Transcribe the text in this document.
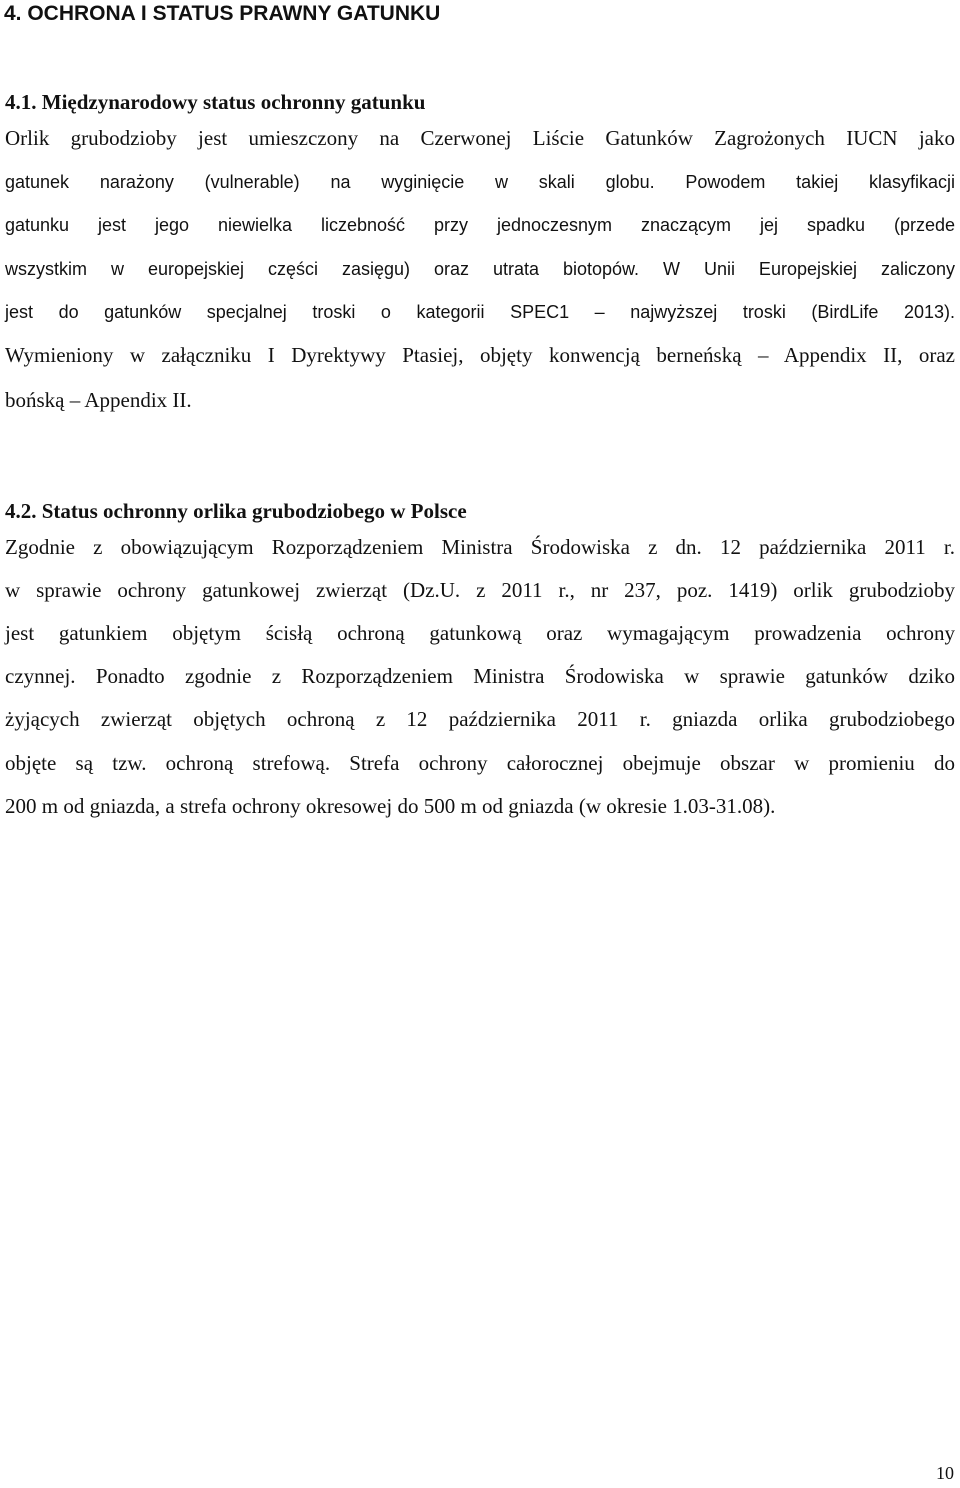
4. OCHRONA I STATUS PRAWNY GATUNKU

4.1. Międzynarodowy status ochronny gatunku

Orlik grubodzioby jest umieszczony na Czerwonej Liście Gatunków Zagrożonych IUCN jako

gatunek narażony (vulnerable) na wyginięcie w skali globu. Powodem takiej klasyfikacji

gatunku jest jego niewielka liczebność przy jednoczesnym znaczącym jej spadku (przede

wszystkim w europejskiej części zasięgu) oraz utrata biotopów. W Unii Europejskiej zaliczony

jest do gatunków specjalnej troski o kategorii SPEC1 – najwyższej troski (BirdLife 2013).

Wymieniony w załączniku I Dyrektywy Ptasiej, objęty konwencją berneńską – Appendix II, oraz

bońską – Appendix II.

4.2. Status ochronny orlika grubodziobego w Polsce

Zgodnie z obowiązującym Rozporządzeniem Ministra Środowiska z dn. 12 października 2011 r.

w sprawie ochrony gatunkowej zwierząt (Dz.U. z 2011 r., nr 237, poz. 1419) orlik grubodzioby

jest gatunkiem objętym ścisłą ochroną gatunkową oraz wymagającym prowadzenia ochrony

czynnej. Ponadto zgodnie z Rozporządzeniem Ministra Środowiska w sprawie gatunków dziko

żyjących zwierząt objętych ochroną z 12 października 2011 r. gniazda orlika grubodziobego

objęte są tzw. ochroną strefową. Strefa ochrony całorocznej obejmuje obszar w promieniu do

200 m od gniazda, a strefa ochrony okresowej do 500 m od gniazda (w okresie 1.03-31.08).

10
